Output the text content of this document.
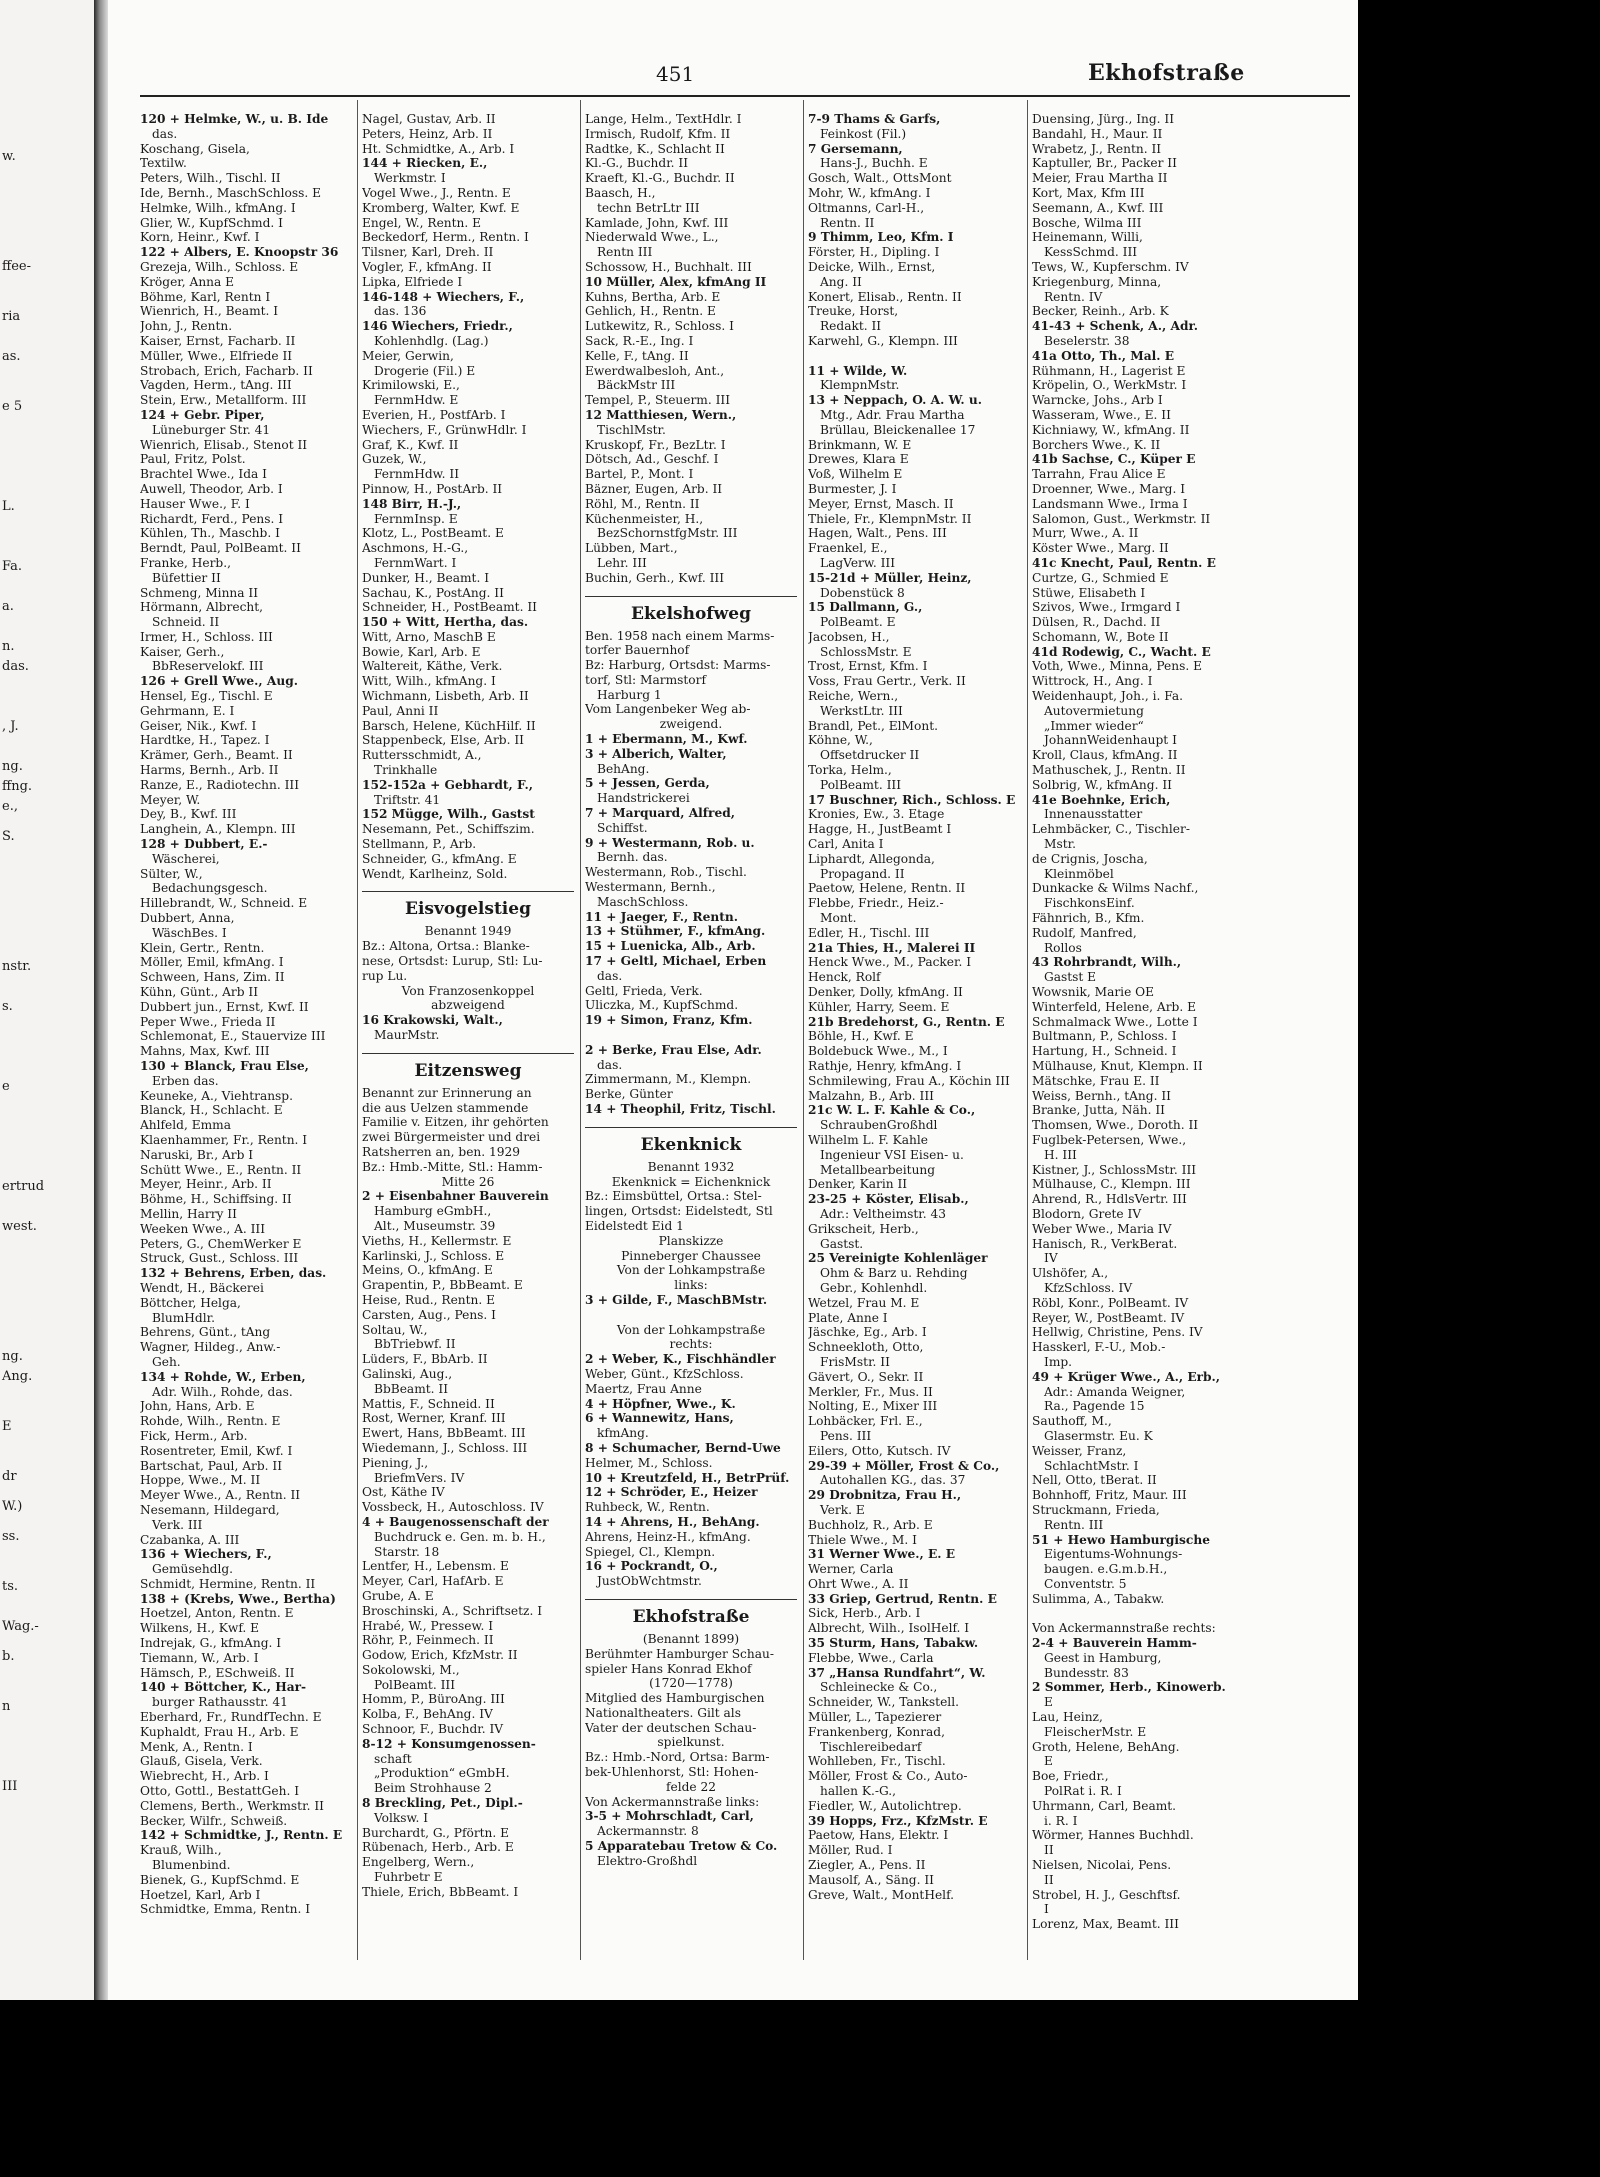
w.
ffee-
ria
as.
e 5
L.
Fa.
a.
n.
das.
, J.
ng.
ffng.
e.,
S.
nstr.
s.
e
ertrud
west.
ng.
Ang.
E
dr
W.)
ss.
ts.
Wag.-
b.
n
III
451	Ekhofstraße
120 + Helmke, W., u. B. Ide
das.
Koschang, Gisela,
Textilw.
Peters, Wilh., Tischl. II
Ide, Bernh., MaschSchloss. E
Helmke, Wilh., kfmAng. I
Glier, W., KupfSchmd. I
Korn, Heinr., Kwf. I
122 + Albers, E. Knoopstr 36
Grezeja, Wilh., Schloss. E
Kröger, Anna E
Böhme, Karl, Rentn I
Wienrich, H., Beamt. I
John, J., Rentn.
Kaiser, Ernst, Facharb. II
Müller, Wwe., Elfriede II
Strobach, Erich, Facharb. II
Vagden, Herm., tAng. III
Stein, Erw., Metallform. III
124 + Gebr. Piper,
Lüneburger Str. 41
Wienrich, Elisab., Stenot II
Paul, Fritz, Polst.
Brachtel Wwe., Ida I
Auwell, Theodor, Arb. I
Hauser Wwe., F. I
Richardt, Ferd., Pens. I
Kühlen, Th., Maschb. I
Berndt, Paul, PolBeamt. II
Franke, Herb.,
Büfettier II
Schmeng, Minna II
Hörmann, Albrecht,
Schneid. II
Irmer, H., Schloss. III
Kaiser, Gerh.,
BbReservelokf. III
126 + Grell Wwe., Aug.
Hensel, Eg., Tischl. E
Gehrmann, E. I
Geiser, Nik., Kwf. I
Hardtke, H., Tapez. I
Krämer, Gerh., Beamt. II
Harms, Bernh., Arb. II
Ranze, E., Radiotechn. III
Meyer, W.
Dey, B., Kwf. III
Langhein, A., Klempn. III
128 + Dubbert, E.-
Wäscherei,
Sülter, W.,
Bedachungsgesch.
Hillebrandt, W., Schneid. E
Dubbert, Anna,
WäschBes. I
Klein, Gertr., Rentn.
Möller, Emil, kfmAng. I
Schween, Hans, Zim. II
Kühn, Günt., Arb II
Dubbert jun., Ernst, Kwf. II
Peper Wwe., Frieda II
Schlemonat, E., Stauervize III
Mahns, Max, Kwf. III
130 + Blanck, Frau Else,
Erben das.
Keuneke, A., Viehtransp.
Blanck, H., Schlacht. E
Ahlfeld, Emma
Klaenhammer, Fr., Rentn. I
Naruski, Br., Arb I
Schütt Wwe., E., Rentn. II
Meyer, Heinr., Arb. II
Böhme, H., Schiffsing. II
Mellin, Harry II
Weeken Wwe., A. III
Peters, G., ChemWerker E
Struck, Gust., Schloss. III
132 + Behrens, Erben, das.
Wendt, H., Bäckerei
Böttcher, Helga,
BlumHdlr.
Behrens, Günt., tAng
Wagner, Hildeg., Anw.-
Geh.
134 + Rohde, W., Erben,
Adr. Wilh., Rohde, das.
John, Hans, Arb. E
Rohde, Wilh., Rentn. E
Fick, Herm., Arb.
Rosentreter, Emil, Kwf. I
Bartschat, Paul, Arb. II
Hoppe, Wwe., M. II
Meyer Wwe., A., Rentn. II
Nesemann, Hildegard,
Verk. III
Czabanka, A. III
136 + Wiechers, F.,
Gemüsehdlg.
Schmidt, Hermine, Rentn. II
138 + (Krebs, Wwe., Bertha)
Hoetzel, Anton, Rentn. E
Wilkens, H., Kwf. E
Indrejak, G., kfmAng. I
Tiemann, W., Arb. I
Hämsch, P., ESchweiß. II
140 + Böttcher, K., Har-
burger Rathausstr. 41
Eberhard, Fr., RundfTechn. E
Kuphaldt, Frau H., Arb. E
Menk, A., Rentn. I
Glauß, Gisela, Verk.
Wiebrecht, H., Arb. I
Otto, Gottl., BestattGeh. I
Clemens, Berth., Werkmstr. II
Becker, Wilfr., Schweiß.
142 + Schmidtke, J., Rentn. E
Krauß, Wilh.,
Blumenbind.
Bienek, G., KupfSchmd. E
Hoetzel, Karl, Arb I
Schmidtke, Emma, Rentn. I
Nagel, Gustav, Arb. II
Peters, Heinz, Arb. II
Ht. Schmidtke, A., Arb. I
144 + Riecken, E.,
Werkmstr. I
Vogel Wwe., J., Rentn. E
Kromberg, Walter, Kwf. E
Engel, W., Rentn. E
Beckedorf, Herm., Rentn. I
Tilsner, Karl, Dreh. II
Vogler, F., kfmAng. II
Lipka, Elfriede I
146-148 + Wiechers, F.,
das. 136
146 Wiechers, Friedr.,
Kohlenhdlg. (Lag.)
Meier, Gerwin,
Drogerie (Fil.) E
Krimilowski, E.,
FernmHdw. E
Everien, H., PostfArb. I
Wiechers, F., GrünwHdlr. I
Graf, K., Kwf. II
Guzek, W.,
FernmHdw. II
Pinnow, H., PostArb. II
148 Birr, H.-J.,
FernmInsp. E
Klotz, L., PostBeamt. E
Aschmons, H.-G.,
FernmWart. I
Dunker, H., Beamt. I
Sachau, K., PostAng. II
Schneider, H., PostBeamt. II
150 + Witt, Hertha, das.
Witt, Arno, MaschB E
Bowie, Karl, Arb. E
Waltereit, Käthe, Verk.
Witt, Wilh., kfmAng. I
Wichmann, Lisbeth, Arb. II
Paul, Anni II
Barsch, Helene, KüchHilf. II
Stappenbeck, Else, Arb. II
Ruttersschmidt, A.,
Trinkhalle
152-152a + Gebhardt, F.,
Triftstr. 41
152 Mügge, Wilh., Gastst
Nesemann, Pet., Schiffszim.
Stellmann, P., Arb.
Schneider, G., kfmAng. E
Wendt, Karlheinz, Sold.
Eisvogelstieg
Benannt 1949
Bz.: Altona, Ortsa.: Blanke-
nese, Ortsdst: Lurup, Stl: Lu-
rup Lu.
Von Franzosenkoppel
abzweigend
16 Krakowski, Walt.,
MaurMstr.
Eitzensweg
Benannt zur Erinnerung an
die aus Uelzen stammende
Familie v. Eitzen, ihr gehörten
zwei Bürgermeister und drei
Ratsherren an, ben. 1929
Bz.: Hmb.-Mitte, Stl.: Hamm-
Mitte 26
2 + Eisenbahner Bauverein
Hamburg eGmbH.,
Alt., Museumstr. 39
Vieths, H., Kellermstr. E
Karlinski, J., Schloss. E
Meins, O., kfmAng. E
Grapentin, P., BbBeamt. E
Heise, Rud., Rentn. E
Carsten, Aug., Pens. I
Soltau, W.,
BbTriebwf. II
Lüders, F., BbArb. II
Galinski, Aug.,
BbBeamt. II
Mattis, F., Schneid. II
Rost, Werner, Kranf. III
Ewert, Hans, BbBeamt. III
Wiedemann, J., Schloss. III
Piening, J.,
BriefmVers. IV
Ost, Käthe IV
Vossbeck, H., Autoschloss. IV
4 + Baugenossenschaft der
Buchdruck e. Gen. m. b. H.,
Starstr. 18
Lentfer, H., Lebensm. E
Meyer, Carl, HafArb. E
Grube, A. E
Broschinski, A., Schriftsetz. I
Hrabé, W., Pressew. I
Röhr, P., Feinmech. II
Godow, Erich, KfzMstr. II
Sokolowski, M.,
PolBeamt. III
Homm, P., BüroAng. III
Kolba, F., BehAng. IV
Schnoor, F., Buchdr. IV
8-12 + Konsumgenossen-
schaft
„Produktion“ eGmbH.
Beim Strohhause 2
8 Breckling, Pet., Dipl.-
Volksw. I
Burchardt, G., Pförtn. E
Rübenach, Herb., Arb. E
Engelberg, Wern.,
Fuhrbetr E
Thiele, Erich, BbBeamt. I
Lange, Helm., TextHdlr. I
Irmisch, Rudolf, Kfm. II
Radtke, K., Schlacht II
Kl.-G., Buchdr. II
Kraeft, Kl.-G., Buchdr. II
Baasch, H.,
techn BetrLtr III
Kamlade, John, Kwf. III
Niederwald Wwe., L.,
Rentn III
Schossow, H., Buchhalt. III
10 Müller, Alex, kfmAng II
Kuhns, Bertha, Arb. E
Gehlich, H., Rentn. E
Lutkewitz, R., Schloss. I
Sack, R.-E., Ing. I
Kelle, F., tAng. II
Ewerdwalbesloh, Ant.,
BäckMstr III
Tempel, P., Steuerm. III
12 Matthiesen, Wern.,
TischlMstr.
Kruskopf, Fr., BezLtr. I
Dötsch, Ad., Geschf. I
Bartel, P., Mont. I
Bäzner, Eugen, Arb. II
Röhl, M., Rentn. II
Küchenmeister, H.,
BezSchornstfgMstr. III
Lübben, Mart.,
Lehr. III
Buchin, Gerh., Kwf. III
Ekelshofweg
Ben. 1958 nach einem Marms-
torfer Bauernhof
Bz: Harburg, Ortsdst: Marms-
torf, Stl: Marmstorf
Harburg 1
Vom Langenbeker Weg ab-
zweigend.
1 + Ebermann, M., Kwf.
3 + Alberich, Walter,
BehAng.
5 + Jessen, Gerda,
Handstrickerei
7 + Marquard, Alfred,
Schiffst.
9 + Westermann, Rob. u.
Bernh. das.
Westermann, Rob., Tischl.
Westermann, Bernh.,
MaschSchloss.
11 + Jaeger, F., Rentn.
13 + Stühmer, F., kfmAng.
15 + Luenicka, Alb., Arb.
17 + Geltl, Michael, Erben
das.
Geltl, Frieda, Verk.
Uliczka, M., KupfSchmd.
19 + Simon, Franz, Kfm.
2 + Berke, Frau Else, Adr.
das.
Zimmermann, M., Klempn.
Berke, Günter
14 + Theophil, Fritz, Tischl.
Ekenknick
Benannt 1932
Ekenknick = Eichenknick
Bz.: Eimsbüttel, Ortsa.: Stel-
lingen, Ortsdst: Eidelstedt, Stl
Eidelstedt Eid 1
Planskizze
Pinneberger Chaussee
Von der Lohkampstraße
links:
3 + Gilde, F., MaschBMstr.
Von der Lohkampstraße
rechts:
2 + Weber, K., Fischhändler
Weber, Günt., KfzSchloss.
Maertz, Frau Anne
4 + Höpfner, Wwe., K.
6 + Wannewitz, Hans,
kfmAng.
8 + Schumacher, Bernd-Uwe
Helmer, M., Schloss.
10 + Kreutzfeld, H., BetrPrüf.
12 + Schröder, E., Heizer
Ruhbeck, W., Rentn.
14 + Ahrens, H., BehAng.
Ahrens, Heinz-H., kfmAng.
Spiegel, Cl., Klempn.
16 + Pockrandt, O.,
JustObWchtmstr.
Ekhofstraße
(Benannt 1899)
Berühmter Hamburger Schau-
spieler Hans Konrad Ekhof
(1720—1778)
Mitglied des Hamburgischen
Nationaltheaters. Gilt als
Vater der deutschen Schau-
spielkunst.
Bz.: Hmb.-Nord, Ortsa: Barm-
bek-Uhlenhorst, Stl: Hohen-
felde 22
Von Ackermannstraße links:
3-5 + Mohrschladt, Carl,
Ackermannstr. 8
5 Apparatebau Tretow & Co.
Elektro-Großhdl
7-9 Thams & Garfs,
Feinkost (Fil.)
7 Gersemann,
Hans-J., Buchh. E
Gosch, Walt., OttsMont
Mohr, W., kfmAng. I
Oltmanns, Carl-H.,
Rentn. II
9 Thimm, Leo, Kfm. I
Förster, H., Dipling. I
Deicke, Wilh., Ernst,
Ang. II
Konert, Elisab., Rentn. II
Treuke, Horst,
Redakt. II
Karwehl, G., Klempn. III
11 + Wilde, W.
KlempnMstr.
13 + Neppach, O. A. W. u.
Mtg., Adr. Frau Martha
Brüllau, Bleickenallee 17
Brinkmann, W. E
Drewes, Klara E
Voß, Wilhelm E
Burmester, J. I
Meyer, Ernst, Masch. II
Thiele, Fr., KlempnMstr. II
Hagen, Walt., Pens. III
Fraenkel, E.,
LagVerw. III
15-21d + Müller, Heinz,
Dobenstück 8
15 Dallmann, G.,
PolBeamt. E
Jacobsen, H.,
SchlossMstr. E
Trost, Ernst, Kfm. I
Voss, Frau Gertr., Verk. II
Reiche, Wern.,
WerkstLtr. III
Brandl, Pet., ElMont.
Köhne, W.,
Offsetdrucker II
Torka, Helm.,
PolBeamt. III
17 Buschner, Rich., Schloss. E
Kronies, Ew., 3. Etage
Hagge, H., JustBeamt I
Carl, Anita I
Liphardt, Allegonda,
Propagand. II
Paetow, Helene, Rentn. II
Flebbe, Friedr., Heiz.-
Mont.
Edler, H., Tischl. III
21a Thies, H., Malerei II
Henck Wwe., M., Packer. I
Henck, Rolf
Denker, Dolly, kfmAng. II
Kühler, Harry, Seem. E
21b Bredehorst, G., Rentn. E
Böhle, H., Kwf. E
Boldebuck Wwe., M., I
Rathje, Henry, kfmAng. I
Schmilewing, Frau A., Köchin III
Malzahn, B., Arb. III
21c W. L. F. Kahle & Co.,
SchraubenGroßhdl
Wilhelm L. F. Kahle
Ingenieur VSI Eisen- u.
Metallbearbeitung
Denker, Karin II
23-25 + Köster, Elisab.,
Adr.: Veltheimstr. 43
Grikscheit, Herb.,
Gastst.
25 Vereinigte Kohlenläger
Ohm & Barz u. Rehding
Gebr., Kohlenhdl.
Wetzel, Frau M. E
Plate, Anne I
Jäschke, Eg., Arb. I
Schneekloth, Otto,
FrisMstr. II
Gävert, O., Sekr. II
Merkler, Fr., Mus. II
Nolting, E., Mixer III
Lohbäcker, Frl. E.,
Pens. III
Eilers, Otto, Kutsch. IV
29-39 + Möller, Frost & Co.,
Autohallen KG., das. 37
29 Drobnitza, Frau H.,
Verk. E
Buchholz, R., Arb. E
Thiele Wwe., M. I
31 Werner Wwe., E. E
Werner, Carla
Ohrt Wwe., A. II
33 Griep, Gertrud, Rentn. E
Sick, Herb., Arb. I
Albrecht, Wilh., IsolHelf. I
35 Sturm, Hans, Tabakw.
Flebbe, Wwe., Carla
37 „Hansa Rundfahrt“, W.
Schleinecke & Co.,
Schneider, W., Tankstell.
Müller, L., Tapezierer
Frankenberg, Konrad,
Tischlereibedarf
Wohlleben, Fr., Tischl.
Möller, Frost & Co., Auto-
hallen K.-G.,
Fiedler, W., Autolichtrep.
39 Hopps, Frz., KfzMstr. E
Paetow, Hans, Elektr. I
Möller, Rud. I
Ziegler, A., Pens. II
Mausolf, A., Säng. II
Greve, Walt., MontHelf.
Duensing, Jürg., Ing. II
Bandahl, H., Maur. II
Wrabetz, J., Rentn. II
Kaptuller, Br., Packer II
Meier, Frau Martha II
Kort, Max, Kfm III
Seemann, A., Kwf. III
Bosche, Wilma III
Heinemann, Willi,
KessSchmd. III
Tews, W., Kupferschm. IV
Kriegenburg, Minna,
Rentn. IV
Becker, Reinh., Arb. K
41-43 + Schenk, A., Adr.
Beselerstr. 38
41a Otto, Th., Mal. E
Rühmann, H., Lagerist E
Kröpelin, O., WerkMstr. I
Warncke, Johs., Arb I
Wasseram, Wwe., E. II
Kichniawy, W., kfmAng. II
Borchers Wwe., K. II
41b Sachse, C., Küper E
Tarrahn, Frau Alice E
Droenner, Wwe., Marg. I
Landsmann Wwe., Irma I
Salomon, Gust., Werkmstr. II
Murr, Wwe., A. II
Köster Wwe., Marg. II
41c Knecht, Paul, Rentn. E
Curtze, G., Schmied E
Stüwe, Elisabeth I
Szivos, Wwe., Irmgard I
Dülsen, R., Dachd. II
Schomann, W., Bote II
41d Rodewig, C., Wacht. E
Voth, Wwe., Minna, Pens. E
Wittrock, H., Ang. I
Weidenhaupt, Joh., i. Fa.
Autovermietung
„Immer wieder“
JohannWeidenhaupt I
Kroll, Claus, kfmAng. II
Mathuschek, J., Rentn. II
Solbrig, W., kfmAng. II
41e Boehnke, Erich,
Innenausstatter
Lehmbäcker, C., Tischler-
Mstr.
de Crignis, Joscha,
Kleinmöbel
Dunkacke & Wilms Nachf.,
FischkonsEinf.
Fähnrich, B., Kfm.
Rudolf, Manfred,
Rollos
43 Rohrbrandt, Wilh.,
Gastst E
Wowsnik, Marie OE
Winterfeld, Helene, Arb. E
Schmalmack Wwe., Lotte I
Bultmann, P., Schloss. I
Hartung, H., Schneid. I
Mülhause, Knut, Klempn. II
Mätschke, Frau E. II
Weiss, Bernh., tAng. II
Branke, Jutta, Näh. II
Thomsen, Wwe., Doroth. II
Fuglbek-Petersen, Wwe.,
H. III
Kistner, J., SchlossMstr. III
Mülhause, C., Klempn. III
Ahrend, R., HdlsVertr. III
Blodorn, Grete IV
Weber Wwe., Maria IV
Hanisch, R., VerkBerat.
IV
Ulshöfer, A.,
KfzSchloss. IV
Röbl, Konr., PolBeamt. IV
Reyer, W., PostBeamt. IV
Hellwig, Christine, Pens. IV
Hasskerl, F.-U., Mob.-
Imp.
49 + Krüger Wwe., A., Erb.,
Adr.: Amanda Weigner,
Ra., Pagende 15
Sauthoff, M.,
Glasermstr. Eu. K
Weisser, Franz,
SchlachtMstr. I
Nell, Otto, tBerat. II
Bohnhoff, Fritz, Maur. III
Struckmann, Frieda,
Rentn. III
51 + Hewo Hamburgische
Eigentums-Wohnungs-
baugen. e.G.m.b.H.,
Conventstr. 5
Sulimma, A., Tabakw.
Von Ackermannstraße rechts:
2-4 + Bauverein Hamm-
Geest in Hamburg,
Bundesstr. 83
2 Sommer, Herb., Kinowerb.
E
Lau, Heinz,
FleischerMstr. E
Groth, Helene, BehAng.
E
Boe, Friedr.,
PolRat i. R. I
Uhrmann, Carl, Beamt.
i. R. I
Wörmer, Hannes Buchhdl.
II
Nielsen, Nicolai, Pens.
II
Strobel, H. J., Geschftsf.
I
Lorenz, Max, Beamt. III
